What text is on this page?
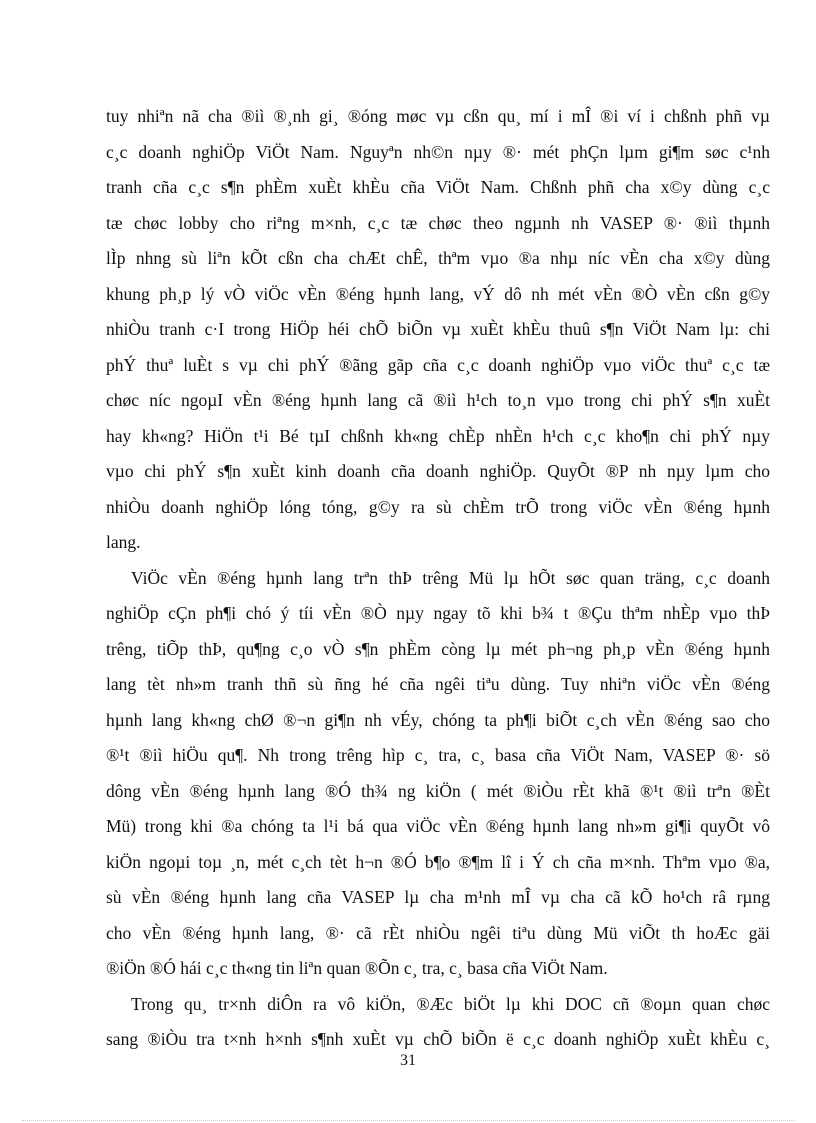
tuy nhiªn nã cha ®iì ®¸nh gi¸ ®óng møc vµ cßn qu¸ mí i mÎ ®i ví i chßnh phñ vµ
c¸c doanh nghiÖp ViÖt Nam. Nguyªn nh©n nµy ®· mét phÇn lµm gi¶m søc c¹nh
tranh cña c¸c s¶n phÈm xuÈt khÈu cña ViÖt Nam. Chßnh phñ cha x©y dùng c¸c
tæ chøc lobby cho riªng m×nh, c¸c tæ chøc theo ngµnh nh VASEP ®· ®iì thµnh
lÌp nhng sù liªn kÕt cßn cha chÆt chÊ, thªm vµo ®a nhµ níc vÈn cha x©y dùng
khung ph¸p lý vÒ viÖc vÈn ®éng hµnh lang, vÝ dô nh mét vÈn ®Ò vÈn cßn g©y
nhiÒu tranh c·I trong HiÖp héi chÕ biÕn vµ xuÈt khÈu thuû s¶n ViÖt Nam lµ: chi
phÝ thuª luÈt s vµ chi phÝ ®ãng gãp cña c¸c doanh nghiÖp vµo viÖc thuª c¸c tæ
chøc níc ngoµI vÈn ®éng hµnh lang cã ®iì h¹ch to¸n vµo trong chi phÝ s¶n xuÈt
hay kh«ng? HiÖn t¹i Bé tµI chßnh kh«ng chÈp nhÈn h¹ch c¸c kho¶n chi phÝ nµy
vµo chi phÝ s¶n xuÈt kinh doanh cña doanh nghiÖp. QuyÕt ®P nh nµy lµm cho
nhiÒu doanh nghiÖp lóng tóng, g©y ra sù chÈm trÕ trong viÖc vÈn ®éng hµnh
lang.
ViÖc vÈn ®éng hµnh lang trªn thÞ trêng Mü lµ hÕt søc quan träng, c¸c doanh
nghiÖp cÇn ph¶i chó ý tíi vÈn ®Ò nµy ngay tõ khi b¾ t ®Çu thªm nhÈp vµo thÞ
trêng, tiÕp thÞ, qu¶ng c¸o vÒ s¶n phÈm còng lµ mét ph¬ng ph¸p vÈn ®éng hµnh
lang tèt nh»m tranh thñ sù ñng hé cña ngêi tiªu dùng. Tuy nhiªn viÖc vÈn ®éng
hµnh lang kh«ng chØ ®¬n gi¶n nh vÉy, chóng ta ph¶i biÕt c¸ch vÈn ®éng sao cho
®¹t ®iì hiÖu qu¶. Nh trong trêng hìp c¸ tra, c¸ basa cña ViÖt Nam, VASEP ®· sö
dông vÈn ®éng hµnh lang ®Ó th¾ ng kiÖn ( mét ®iÒu rÈt khã ®¹t ®iì trªn ®Èt
Mü) trong khi ®a chóng ta l¹i bá qua viÖc vÈn ®éng hµnh lang nh»m gi¶i quyÕt vô
kiÖn ngoµi toµ ¸n, mét c¸ch tèt h¬n ®Ó b¶o ®¶m lî i Ý ch cña m×nh. Thªm vµo ®a,
sù vÈn ®éng hµnh lang cña VASEP lµ cha m¹nh mÎ vµ cha cã kÕ ho¹ch râ rµng
cho vÈn ®éng hµnh lang, ®· cã rÈt nhiÒu ngêi tiªu dùng Mü viÕt th hoÆc gäi
®iÖn ®Ó hái c¸c th«ng tin liªn quan ®Õn c¸ tra, c¸ basa cña ViÖt Nam.
Trong qu¸ tr×nh diÔn ra vô kiÖn, ®Æc biÖt lµ khi DOC cñ ®oµn quan chøc
sang ®iÒu tra t×nh h×nh s¶nh xuÈt vµ chÕ biÕn ë c¸c doanh nghiÖp xuÈt khÈu c¸
31
